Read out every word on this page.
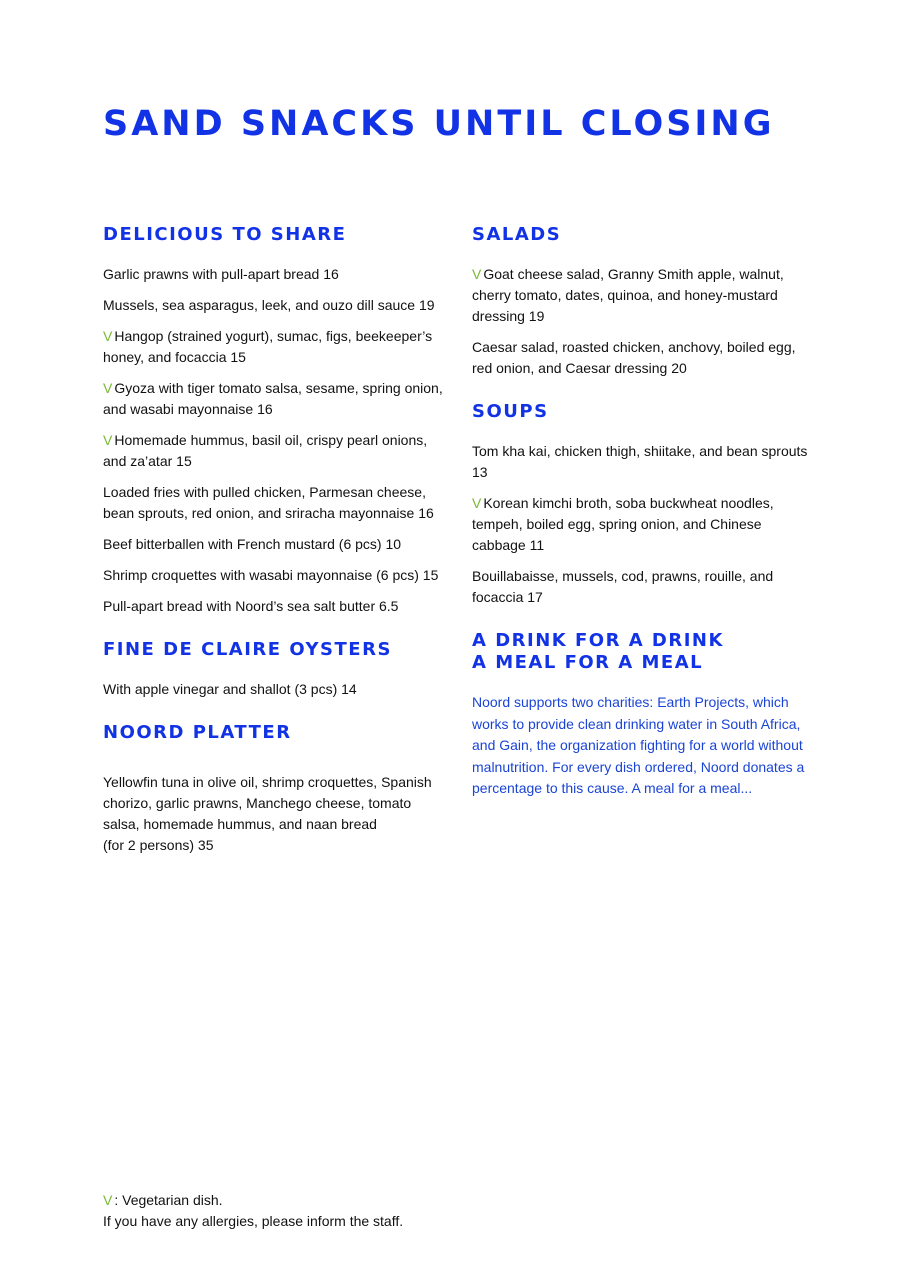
SAND SNACKS UNTIL CLOSING
DELICIOUS TO SHARE

Garlic prawns with pull-apart bread 16

Mussels, sea asparagus, leek, and ouzo dill sauce 19

V Hangop (strained yogurt), sumac, figs, beekeeper’s honey, and focaccia 15

V Gyoza with tiger tomato salsa, sesame, spring onion, and wasabi mayonnaise 16

V Homemade hummus, basil oil, crispy pearl onions, and za’atar 15

Loaded fries with pulled chicken, Parmesan cheese, bean sprouts, red onion, and sriracha mayonnaise 16

Beef bitterballen with French mustard (6 pcs) 10

Shrimp croquettes with wasabi mayonnaise (6 pcs) 15

Pull-apart bread with Noord’s sea salt butter 6.5

FINE DE CLAIRE OYSTERS

With apple vinegar and shallot (3 pcs) 14

NOORD PLATTER

Yellowfin tuna in olive oil, shrimp croquettes, Spanish chorizo, garlic prawns, Manchego cheese, tomato salsa, homemade hummus, and naan bread
(for 2 persons) 35

SALADS

V Goat cheese salad, Granny Smith apple, walnut, cherry tomato, dates, quinoa, and honey-mustard dressing 19

Caesar salad, roasted chicken, anchovy, boiled egg, red onion, and Caesar dressing 20

SOUPS

Tom kha kai, chicken thigh, shiitake, and bean sprouts 13

V Korean kimchi broth, soba buckwheat noodles, tempeh, boiled egg, spring onion, and Chinese cabbage 11

Bouillabaisse, mussels, cod, prawns, rouille, and focaccia 17

A DRINK FOR A DRINK
A MEAL FOR A MEAL

Noord supports two charities: Earth Projects, which works to provide clean drinking water in South Africa, and Gain, the organization fighting for a world without malnutrition. For every dish ordered, Noord donates a percentage to this cause. A meal for a meal...

V : Vegetarian dish.

If you have any allergies, please inform the staff.
